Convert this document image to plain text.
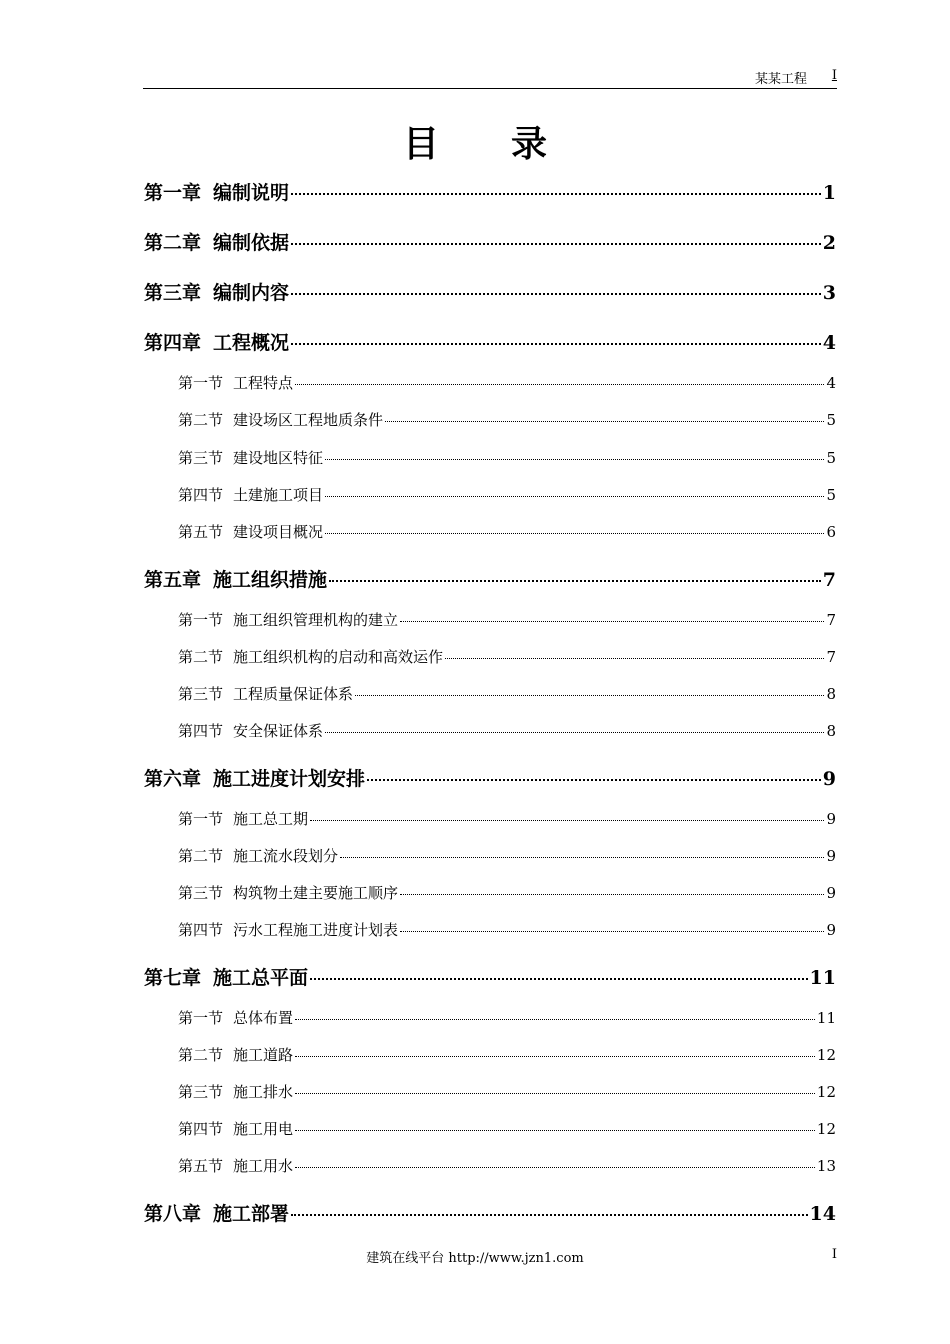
某某工程 I
目录
第一章 编制说明	1
第二章 编制依据	2
第三章 编制内容	3
第四章 工程概况	4
第一节 工程特点	4
第二节 建设场区工程地质条件	5
第三节 建设地区特征	5
第四节 土建施工项目	5
第五节 建设项目概况	6
第五章 施工组织措施	7
第一节 施工组织管理机构的建立	7
第二节 施工组织机构的启动和高效运作	7
第三节 工程质量保证体系	8
第四节 安全保证体系	8
第六章 施工进度计划安排	9
第一节 施工总工期	9
第二节 施工流水段划分	9
第三节 构筑物土建主要施工顺序	9
第四节 污水工程施工进度计划表	9
第七章 施工总平面	11
第一节 总体布置	11
第二节 施工道路	12
第三节 施工排水	12
第四节 施工用电	12
第五节 施工用水	13
第八章 施工部署	14
建筑在线平台 http://www.jzn1.com	I
